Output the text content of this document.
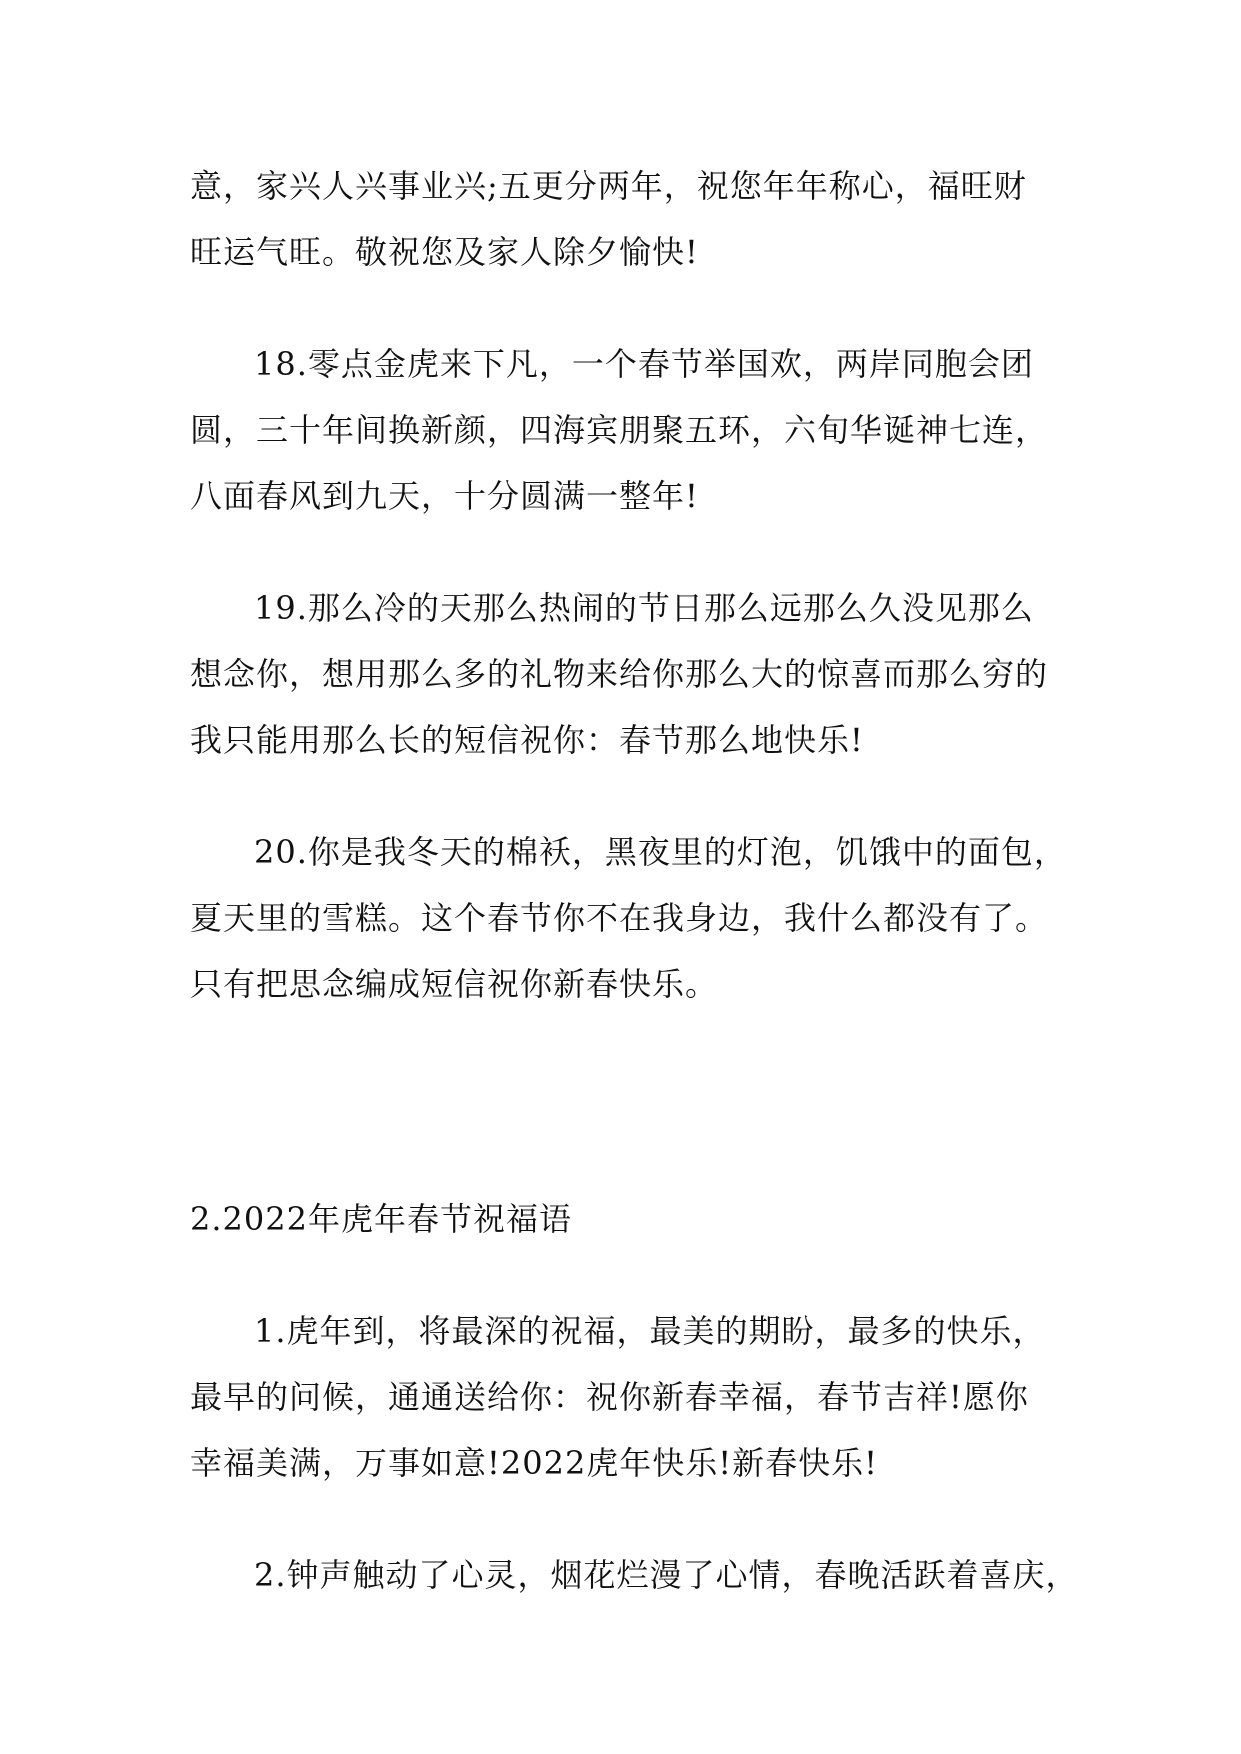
意，家兴人兴事业兴;五更分两年，祝您年年称心，福旺财
旺运气旺。敬祝您及家人除夕愉快!
18.零点金虎来下凡，一个春节举国欢，两岸同胞会团
圆，三十年间换新颜，四海宾朋聚五环，六旬华诞神七连，
八面春风到九天，十分圆满一整年!
19.那么冷的天那么热闹的节日那么远那么久没见那么
想念你，想用那么多的礼物来给你那么大的惊喜而那么穷的
我只能用那么长的短信祝你：春节那么地快乐!
20.你是我冬天的棉袄，黑夜里的灯泡，饥饿中的面包，
夏天里的雪糕。这个春节你不在我身边，我什么都没有了。
只有把思念编成短信祝你新春快乐。
2.2022年虎年春节祝福语
1.虎年到，将最深的祝福，最美的期盼，最多的快乐，
最早的问候，通通送给你：祝你新春幸福，春节吉祥!愿你
幸福美满，万事如意!2022虎年快乐!新春快乐!
2.钟声触动了心灵，烟花烂漫了心情，春晚活跃着喜庆，
